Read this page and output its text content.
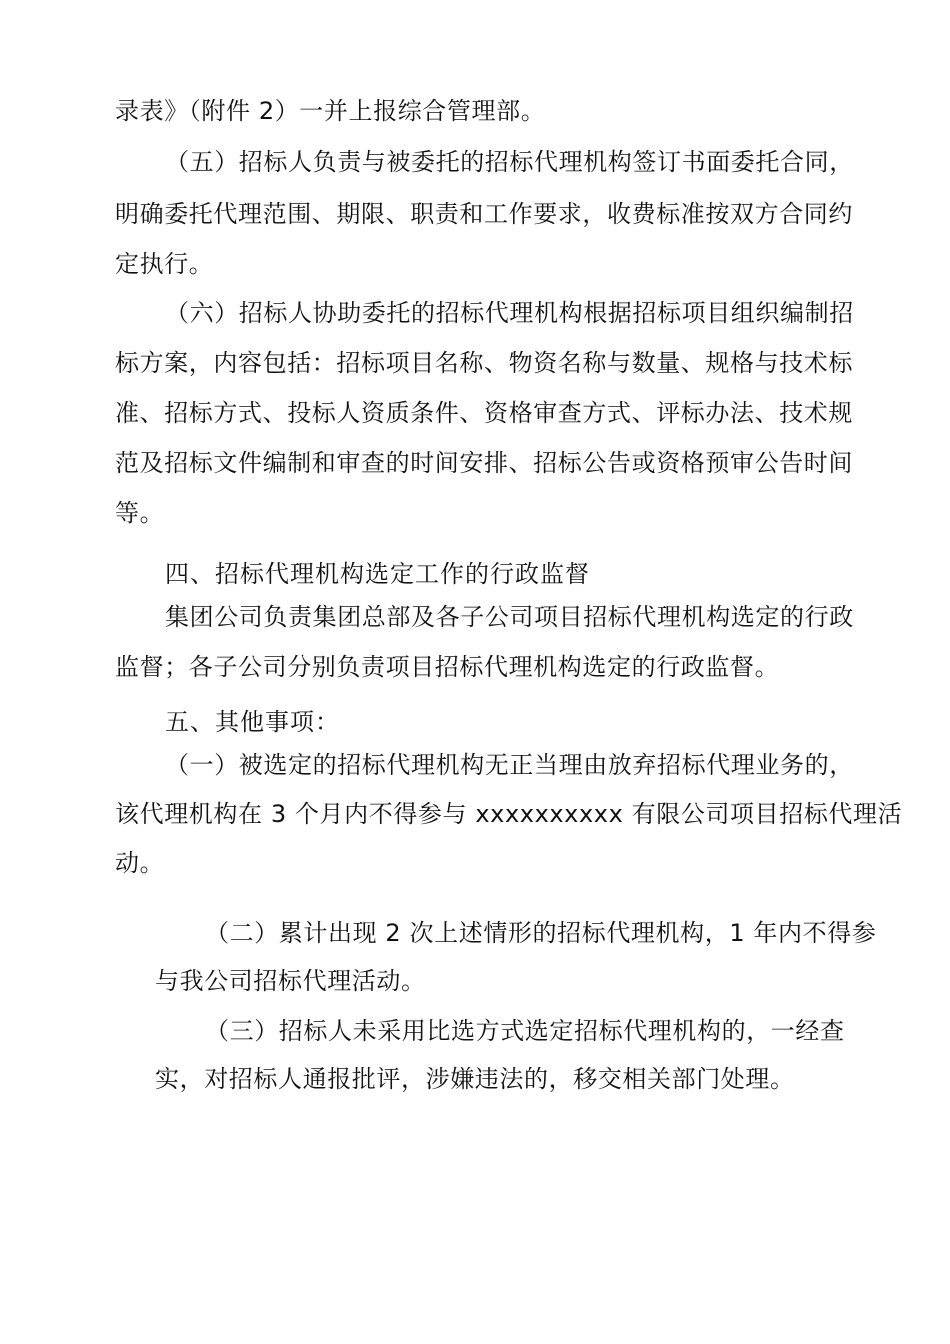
录表》（附件 2）一并上报综合管理部。
（五）招标人负责与被委托的招标代理机构签订书面委托合同，
明确委托代理范围、期限、职责和工作要求，收费标准按双方合同约
定执行。
（六）招标人协助委托的招标代理机构根据招标项目组织编制招
标方案，内容包括：招标项目名称、物资名称与数量、规格与技术标
准、招标方式、投标人资质条件、资格审查方式、评标办法、技术规
范及招标文件编制和审查的时间安排、招标公告或资格预审公告时间
等。
四、招标代理机构选定工作的行政监督
集团公司负责集团总部及各子公司项目招标代理机构选定的行政
监督；各子公司分别负责项目招标代理机构选定的行政监督。
五、其他事项：
（一）被选定的招标代理机构无正当理由放弃招标代理业务的，
该代理机构在 3 个月内不得参与 xxxxxxxxxx 有限公司项目招标代理活
动。
（二）累计出现 2 次上述情形的招标代理机构，1 年内不得参
与我公司招标代理活动。
（三）招标人未采用比选方式选定招标代理机构的，一经查
实，对招标人通报批评，涉嫌违法的，移交相关部门处理。
